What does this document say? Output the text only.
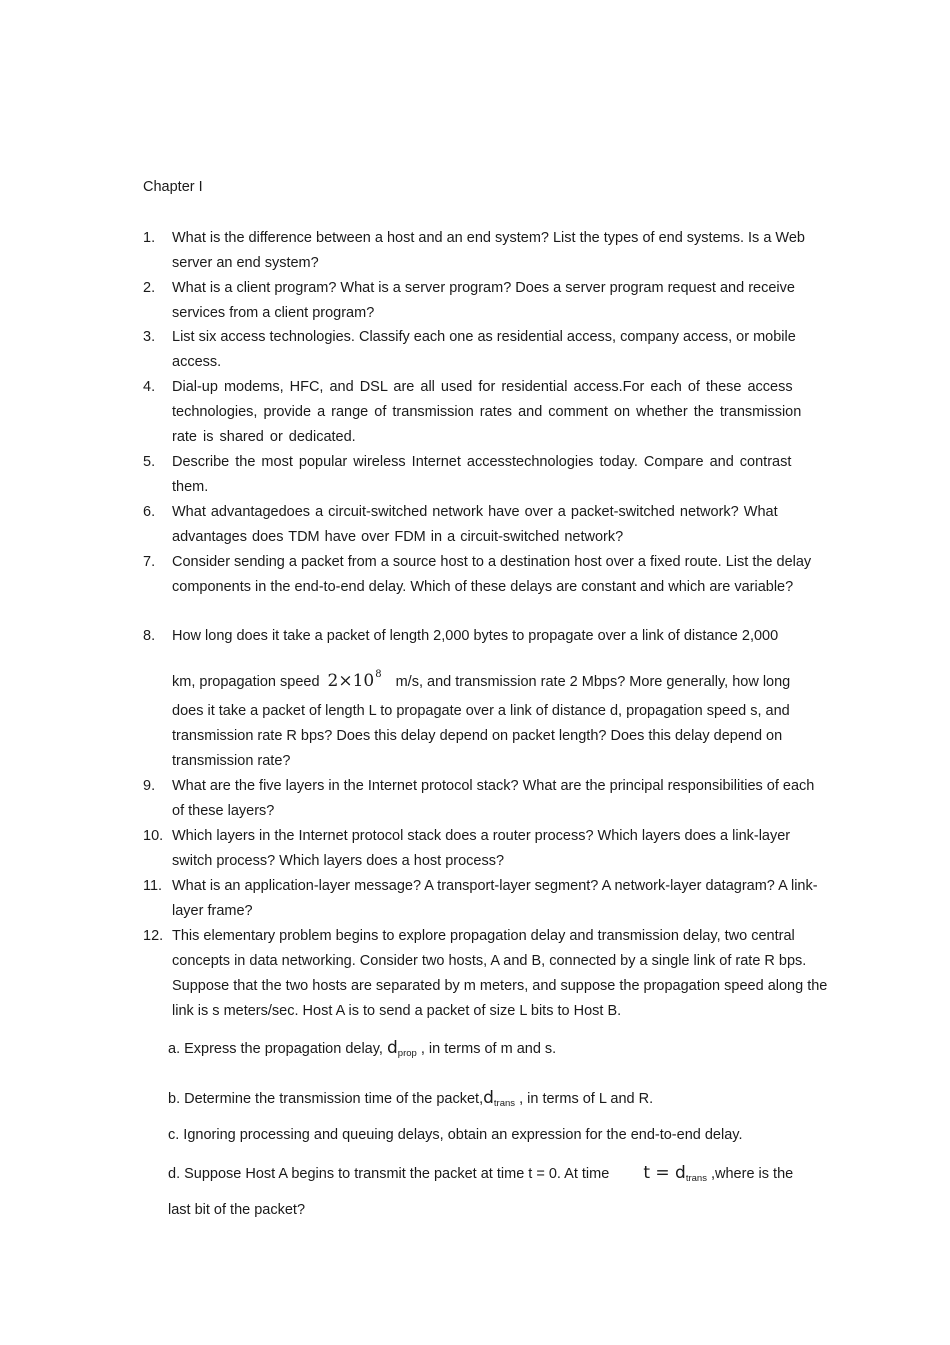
Chapter I
1. What is the difference between a host and an end system? List the types of end systems. Is a Web server an end system?
2. What is a client program? What is a server program? Does a server program request and receive services from a client program?
3. List six access technologies. Classify each one as residential access, company access, or mobile access.
4. Dial-up modems, HFC, and DSL are all used for residential access.For each of these access technologies, provide a range of transmission rates and comment on whether the transmission rate is shared or dedicated.
5. Describe the most popular wireless Internet accesstechnologies today. Compare and contrast them.
6. What advantagedoes a circuit-switched network have over a packet-switched network? What advantages does TDM have over FDM in a circuit-switched network?
7. Consider sending a packet from a source host to a destination host over a fixed route. List the delay components in the end-to-end delay. Which of these delays are constant and which are variable?
8. How long does it take a packet of length 2,000 bytes to propagate over a link of distance 2,000
km, propagation speed $2\times 10^8$ m/s, and transmission rate 2 Mbps? More generally, how long
does it take a packet of length L to propagate over a link of distance d, propagation speed s, and transmission rate R bps? Does this delay depend on packet length? Does this delay depend on transmission rate?
9. What are the five layers in the Internet protocol stack? What are the principal responsibilities of each of these layers?
10. Which layers in the Internet protocol stack does a router process? Which layers does a link-layer switch process? Which layers does a host process?
11. What is an application-layer message? A transport-layer segment? A network-layer datagram? A link-layer frame?
12. This elementary problem begins to explore propagation delay and transmission delay, two central concepts in data networking. Consider two hosts, A and B, connected by a single link of rate R bps. Suppose that the two hosts are separated by m meters, and suppose the propagation speed along the link is s meters/sec. Host A is to send a packet of size L bits to Host B.
a. Express the propagation delay, $d_{prop}$ , in terms of m and s.
b. Determine the transmission time of the $packet,d_{trans}$ , in terms of L and R.
c. Ignoring processing and queuing delays, obtain an expression for the end-to-end delay.
d. Suppose Host A begins to transmit the packet at time t = 0. At time $t = d_{trans}$ ,where is the
last bit of the packet?
